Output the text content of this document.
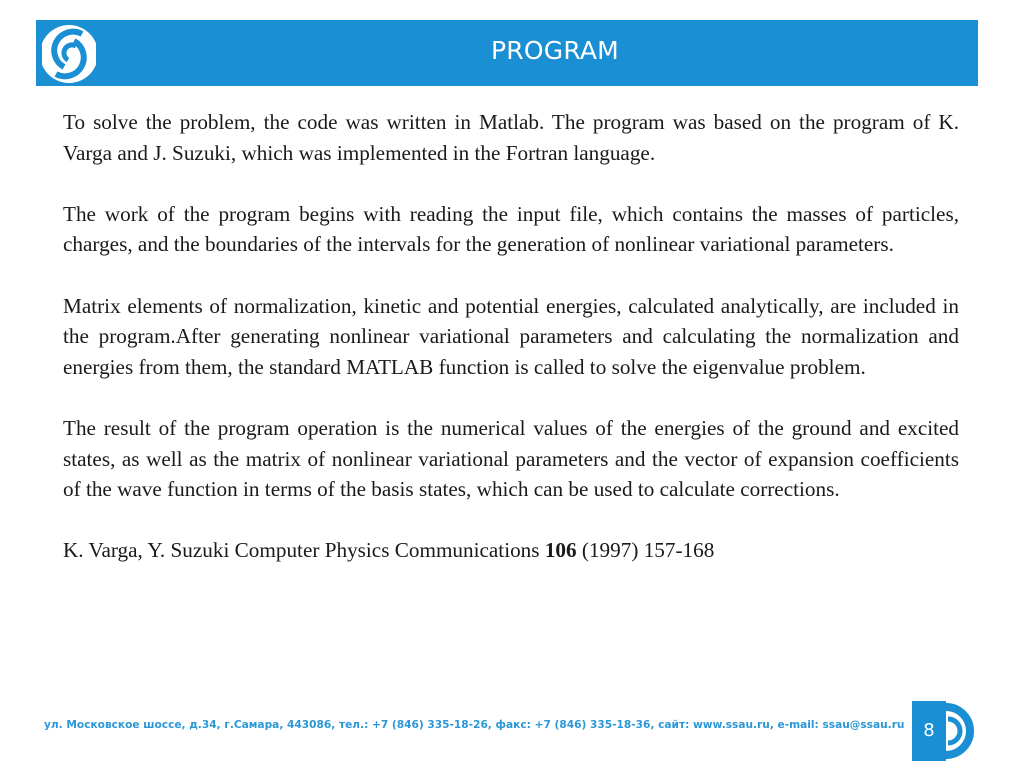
PROGRAM

To solve the problem, the code was written in Matlab. The program was based on the program of K. Varga and J. Suzuki, which was implemented in the Fortran language.

The work of the program begins with reading the input file, which contains the masses of particles, charges, and the boundaries of the intervals for the generation of nonlinear variational parameters.

Matrix elements of normalization, kinetic and potential energies, calculated analytically, are included in the program.After generating nonlinear variational parameters and calculating the normalization and energies from them, the standard MATLAB function is called to solve the eigenvalue problem.

The result of the program operation is the numerical values of the energies of the ground and excited states, as well as the matrix of nonlinear variational parameters and the vector of expansion coefficients of the wave function in terms of the basis states, which can be used to calculate corrections.

K. Varga, Y. Suzuki Computer Physics Communications 106 (1997) 157-168

ул. Московское шоссе, д.34, г.Самара, 443086, тел.: +7 (846) 335-18-26, факс: +7 (846) 335-18-36, сайт: www.ssau.ru, e-mail: ssau@ssau.ru	8
